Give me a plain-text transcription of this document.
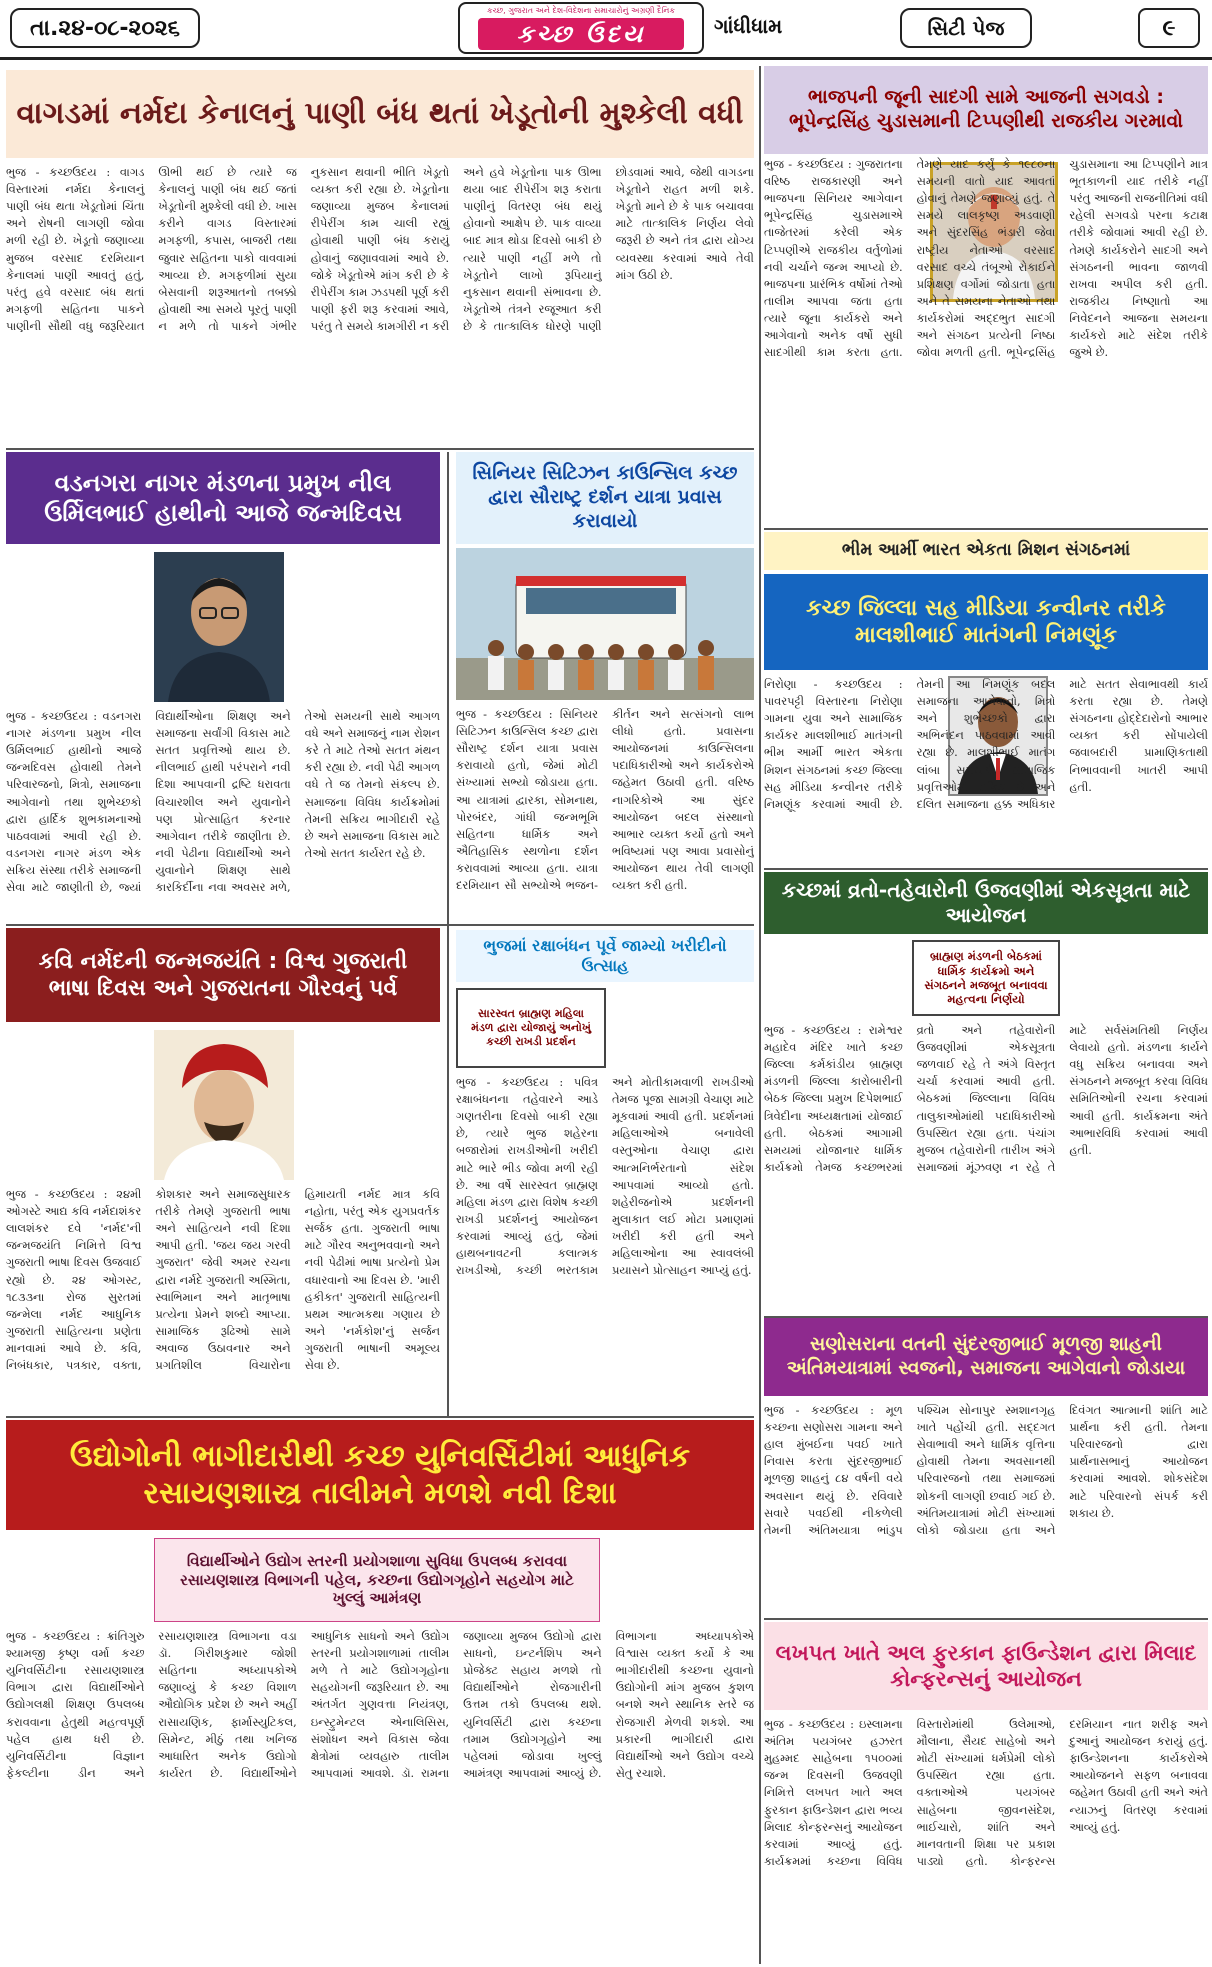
તા.૨૪-૦૮-૨૦૨૬
કચ્છ, ગુજરાત અને દેશ-વિદેશના સમાચારોનું અગ્રણી દૈનિક
કચ્છ ઉદય	ગાંધીધામ	સિટી પેજ	૯
વાગડમાં નર્મદા કેનાલનું પાણી બંધ થતાં ખેડૂતોની મુશ્કેલી વધી
ભુજ - કચ્છઉદય : વાગડ વિસ્તારમાં નર્મદા કેનાલનું પાણી બંધ થતા ખેડૂતોમાં ચિંતા અને રોષની લાગણી જોવા મળી રહી છે. ખેડૂતો જણાવ્યા મુજબ વરસાદ દરમિયાન કેનાલમાં પાણી આવતું હતું, પરંતુ હવે વરસાદ બંધ થતાં મગફળી સહિતના પાકને પાણીની સૌથી વધુ જરૂરિયાત ઊભી થઈ છે ત્યારે જ કેનાલનું પાણી બંધ થઈ જતાં ખેડૂતોની મુશ્કેલી વધી છે. ખાસ કરીને વાગડ વિસ્તારમાં મગફળી, કપાસ, બાજરી તથા જુવાર સહિતના પાકો વાવવામાં આવ્યા છે. મગફળીમાં સુયા બેસવાની શરૂઆતનો તબક્કો હોવાથી આ સમયે પૂરતું પાણી ન મળે તો પાકને ગંભીર નુકસાન થવાની ભીતિ ખેડૂતો વ્યક્ત કરી રહ્યા છે. ખેડૂતોના જણાવ્યા મુજબ કેનાલમાં રીપેરીંગ કામ ચાલી રહ્યું હોવાથી પાણી બંધ કરાયું હોવાનું જણાવવામાં આવે છે. જોકે ખેડૂતોએ માંગ કરી છે કે રીપેરીંગ કામ ઝડપથી પૂર્ણ કરી પાણી ફરી શરૂ કરવામાં આવે, પરંતુ તે સમયે કામગીરી ન કરી અને હવે ખેડૂતોના પાક ઊભા થયા બાદ રીપેરીંગ શરૂ કરાતા પાણીનું વિતરણ બંધ થયું હોવાનો આક્ષેપ છે. પાક વાવ્યા બાદ માત્ર થોડા દિવસો બાકી છે ત્યારે પાણી નહીં મળે તો ખેડૂતોને લાખો રૂપિયાનું નુકસાન થવાની સંભાવના છે. ખેડૂતોએ તંત્રને રજૂઆત કરી છે કે તાત્કાલિક ધોરણે પાણી છોડવામાં આવે, જેથી વાગડના ખેડૂતોને રાહત મળી શકે. ખેડૂતો માને છે કે પાક બચાવવા માટે તાત્કાલિક નિર્ણય લેવો જરૂરી છે અને તંત્ર દ્વારા યોગ્ય વ્યવસ્થા કરવામાં આવે તેવી માંગ ઉઠી છે.
ભાજપની જૂની સાદગી સામે આજની સગવડો : ભૂપેન્દ્રસિંહ ચુડાસમાની ટિપ્પણીથી રાજકીય ગરમાવો
ભુજ - કચ્છઉદય : ગુજરાતના વરિષ્ઠ રાજકારણી અને ભાજપના સિનિયર આગેવાન ભૂપેન્દ્રસિંહ ચુડાસમાએ તાજેતરમાં કરેલી એક ટિપ્પણીએ રાજકીય વર્તુળોમાં નવી ચર્ચાને જન્મ આપ્યો છે. ભાજપના પ્રારંભિક વર્ષોમાં તેઓ તાલીમ આપવા જતા હતા ત્યારે જૂના કાર્યકરો અને આગેવાનો અનેક વર્ષો સુધી સાદગીથી કામ કરતા હતા. તેમણે યાદ કર્યું કે ૧૯૮૦ના સમયની વાતો યાદ આવતાં હોવાનું તેમણે જણાવ્યું હતું. તે સમયે લાલકૃષ્ણ અડવાણી અને સુંદરસિંહ ભંડારી જેવા રાષ્ટ્રીય નેતાઓ વરસાદ વરસાદ વચ્ચે તંબૂઓ રોકાઈને પ્રશિક્ષણ વર્ગોમાં જોડાતા હતા અને તે સમયના નેતાઓ તથા કાર્યકરોમાં અદ્દભુત સાદગી અને સંગઠન પ્રત્યેની નિષ્ઠા જોવા મળતી હતી. ભૂપેન્દ્રસિંહ ચુડાસમાના આ ટિપ્પણીને માત્ર ભૂતકાળની યાદ તરીકે નહીં પરંતુ આજની રાજનીતિમાં વધી રહેલી સગવડો પરના કટાક્ષ તરીકે જોવામાં આવી રહી છે. તેમણે કાર્યકરોને સાદગી અને સંગઠનની ભાવના જાળવી રાખવા અપીલ કરી હતી. રાજકીય નિષ્ણાતો આ નિવેદનને આજના સમયના કાર્યકરો માટે સંદેશ તરીકે જુએ છે.
વડનગરા નાગર મંડળના પ્રમુખ નીલ ઉર્મિલભાઈ હાથીનો આજે જન્મદિવસ
ભુજ - કચ્છઉદય : વડનગરા નાગર મંડળના પ્રમુખ નીલ ઉર્મિલભાઈ હાથીનો આજે જન્મદિવસ હોવાથી તેમને પરિવારજનો, મિત્રો, સમાજના આગેવાનો તથા શુભેચ્છકો દ્વારા હાર્દિક શુભકામનાઓ પાઠવવામાં આવી રહી છે. વડનગરા નાગર મંડળ એક સક્રિય સંસ્થા તરીકે સમાજની સેવા માટે જાણીતી છે, જ્યાં વિદ્યાર્થીઓના શિક્ષણ અને સમાજના સર્વાંગી વિકાસ માટે સતત પ્રવૃત્તિઓ થાય છે. નીલભાઈ હાથી પરંપરાને નવી દિશા આપવાની દ્રષ્ટિ ધરાવતા વિચારશીલ અને યુવાનોને પણ પ્રોત્સાહિત કરનાર આગેવાન તરીકે જાણીતા છે. નવી પેઢીના વિદ્યાર્થીઓ અને યુવાનોને શિક્ષણ સાથે કારકિર્દીના નવા અવસર મળે, તેઓ સમયની સાથે આગળ વધે અને સમાજનું નામ રોશન કરે તે માટે તેઓ સતત મંથન કરી રહ્યા છે. નવી પેઢી આગળ વધે તે જ તેમનો સંકલ્પ છે. સમાજના વિવિધ કાર્યક્રમોમાં તેમની સક્રિય ભાગીદારી રહે છે અને સમાજના વિકાસ માટે તેઓ સતત કાર્યરત રહે છે.
સિનિયર સિટિઝન કાઉન્સિલ કચ્છ દ્વારા સૌરાષ્ટ્ર દર્શન યાત્રા પ્રવાસ કરાવાયો
ભુજ - કચ્છઉદય : સિનિયર સિટિઝન કાઉન્સિલ કચ્છ દ્વારા સૌરાષ્ટ્ર દર્શન યાત્રા પ્રવાસ કરાવાયો હતો, જેમાં મોટી સંખ્યામાં સભ્યો જોડાયા હતા. આ યાત્રામાં દ્વારકા, સોમનાથ, પોરબંદર, ગાંધી જન્મભૂમિ સહિતના ધાર્મિક અને ઐતિહાસિક સ્થળોના દર્શન કરાવવામાં આવ્યા હતા. યાત્રા દરમિયાન સૌ સભ્યોએ ભજન-કીર્તન અને સત્સંગનો લાભ લીધો હતો. પ્રવાસના આયોજનમાં કાઉન્સિલના પદાધિકારીઓ અને કાર્યકરોએ જહેમત ઉઠાવી હતી. વરિષ્ઠ નાગરિકોએ આ સુંદર આયોજન બદલ સંસ્થાનો આભાર વ્યક્ત કર્યો હતો અને ભવિષ્યમાં પણ આવા પ્રવાસોનું આયોજન થાય તેવી લાગણી વ્યક્ત કરી હતી.
ભીમ આર્મી ભારત એકતા મિશન સંગઠનમાં
કચ્છ જિલ્લા સહ મીડિયા કન્વીનર તરીકે માલશીભાઈ માતંગની નિમણૂંક
નિરોણા - કચ્છઉદય : પાવરપટ્ટી વિસ્તારના નિરોણા ગામના યુવા અને સામાજિક કાર્યકર માલશીભાઈ માતંગની ભીમ આર્મી ભારત એકતા મિશન સંગઠનમાં કચ્છ જિલ્લા સહ મીડિયા કન્વીનર તરીકે નિમણૂંક કરવામાં આવી છે. તેમની આ નિમણૂંક બદલ સમાજના આગેવાનો, મિત્રો અને શુભેચ્છકો દ્વારા અભિનંદન પાઠવવામાં આવી રહ્યા છે. માલશીભાઈ માતંગ લાંબા સમયથી સામાજિક પ્રવૃત્તિઓમાં સક્રિય છે અને દલિત સમાજના હક્ક અધિકાર માટે સતત સેવાભાવથી કાર્ય કરતા રહ્યા છે. તેમણે સંગઠનના હોદ્દેદારોનો આભાર વ્યક્ત કરી સોંપાયેલી જવાબદારી પ્રામાણિકતાથી નિભાવવાની ખાતરી આપી હતી.
કચ્છમાં વ્રતો-તહેવારોની ઉજવણીમાં એકસૂત્રતા માટે આયોજન
બ્રાહ્મણ મંડળની બેઠકમાં ધાર્મિક કાર્યક્રમો અને સંગઠનને મજબૂત બનાવવા મહત્વના નિર્ણયો
ભુજ - કચ્છઉદય : રામેશ્વર મહાદેવ મંદિર ખાતે કચ્છ જિલ્લા કર્મકાંડીય બ્રાહ્મણ મંડળની જિલ્લા કારોબારીની બેઠક જિલ્લા પ્રમુખ દિપેશભાઈ ત્રિવેદીના અધ્યક્ષતામાં યોજાઈ હતી. બેઠકમાં આગામી સમયમાં યોજાનાર ધાર્મિક કાર્યક્રમો તેમજ કચ્છભરમાં વ્રતો અને તહેવારોની ઉજવણીમાં એકસૂત્રતા જળવાઈ રહે તે અંગે વિસ્તૃત ચર્ચા કરવામાં આવી હતી. બેઠકમાં જિલ્લાના વિવિધ તાલુકાઓમાંથી પદાધિકારીઓ ઉપસ્થિત રહ્યા હતા. પંચાંગ મુજબ તહેવારોની તારીખ અંગે સમાજમાં મૂંઝવણ ન રહે તે માટે સર્વસંમતિથી નિર્ણય લેવાયો હતો. મંડળના કાર્યને વધુ સક્રિય બનાવવા અને સંગઠનને મજબૂત કરવા વિવિધ સમિતિઓની રચના કરવામાં આવી હતી. કાર્યક્રમના અંતે આભારવિધિ કરવામાં આવી હતી.
કવિ નર્મદની જન્મજયંતિ : વિશ્વ ગુજરાતી ભાષા દિવસ અને ગુજરાતના ગૌરવનું પર્વ
ભુજ - કચ્છઉદય : ૨૪મી ઓગસ્ટે આદ્ય કવિ નર્મદાશંકર લાલશંકર દવે 'નર્મદ'ની જન્મજયંતિ નિમિત્તે વિશ્વ ગુજરાતી ભાષા દિવસ ઉજવાઈ રહ્યો છે. ૨૪ ઓગસ્ટ, ૧૮૩૩ના રોજ સુરતમાં જન્મેલા નર્મદ આધુનિક ગુજરાતી સાહિત્યના પ્રણેતા માનવામાં આવે છે. કવિ, નિબંધકાર, પત્રકાર, વક્તા, કોશકાર અને સમાજસુધારક તરીકે તેમણે ગુજરાતી ભાષા અને સાહિત્યને નવી દિશા આપી હતી. 'જય જય ગરવી ગુજરાત' જેવી અમર રચના દ્વારા નર્મદે ગુજરાતી અસ્મિતા, સ્વાભિમાન અને માતૃભાષા પ્રત્યેના પ્રેમને શબ્દો આપ્યા. સામાજિક રૂઢિઓ સામે અવાજ ઉઠાવનાર અને પ્રગતિશીલ વિચારોના હિમાયતી નર્મદ માત્ર કવિ નહોતા, પરંતુ એક યુગપ્રવર્તક સર્જક હતા. ગુજરાતી ભાષા માટે ગૌરવ અનુભવવાનો અને નવી પેઢીમાં ભાષા પ્રત્યેનો પ્રેમ વધારવાનો આ દિવસ છે. 'મારી હકીકત' ગુજરાતી સાહિત્યની પ્રથમ આત્મકથા ગણાય છે અને 'નર્મકોશ'નું સર્જન ગુજરાતી ભાષાની અમૂલ્ય સેવા છે.
ભુજમાં રક્ષાબંધન પૂર્વે જામ્યો ખરીદીનો ઉત્સાહ
સારસ્વત બ્રાહ્મણ મહિલા મંડળ દ્વારા યોજાયું અનોખું કચ્છી રાખડી પ્રદર્શન
ભુજ - કચ્છઉદય : પવિત્ર રક્ષાબંધનના તહેવારને આડે ગણતરીના દિવસો બાકી રહ્યા છે, ત્યારે ભુજ શહેરના બજારોમાં રાખડીઓની ખરીદી માટે ભારે ભીડ જોવા મળી રહી છે. આ વર્ષે સારસ્વત બ્રાહ્મણ મહિલા મંડળ દ્વારા વિશેષ કચ્છી રાખડી પ્રદર્શનનું આયોજન કરવામાં આવ્યું હતું, જેમાં હાથબનાવટની કલાત્મક રાખડીઓ, કચ્છી ભરતકામ અને મોતીકામવાળી રાખડીઓ તેમજ પૂજા સામગ્રી વેચાણ માટે મૂકવામાં આવી હતી. પ્રદર્શનમાં મહિલાઓએ બનાવેલી વસ્તુઓના વેચાણ દ્વારા આત્મનિર્ભરતાનો સંદેશ આપવામાં આવ્યો હતો. શહેરીજનોએ પ્રદર્શનની મુલાકાત લઈ મોટા પ્રમાણમાં ખરીદી કરી હતી અને મહિલાઓના આ સ્વાવલંબી પ્રયાસને પ્રોત્સાહન આપ્યું હતું.
સણોસરાના વતની સુંદરજીભાઈ મૂળજી શાહની અંતિમયાત્રામાં સ્વજનો, સમાજના આગેવાનો જોડાયા
ભુજ - કચ્છઉદય : મૂળ કચ્છના સણોસરા ગામના અને હાલ મુંબઈના પવઈ ખાતે નિવાસ કરતા સુંદરજીભાઈ મૂળજી શાહનું ૮૪ વર્ષની વયે અવસાન થયું છે. રવિવારે સવારે પવઈથી નીકળેલી તેમની અંતિમયાત્રા ભાંડુપ પશ્ચિમ સોનાપુર સ્મશાનગૃહ ખાતે પહોંચી હતી. સદ્દગત સેવાભાવી અને ધાર્મિક વૃત્તિના હોવાથી તેમના અવસાનથી પરિવારજનો તથા સમાજમાં શોકની લાગણી છવાઈ ગઈ છે. અંતિમયાત્રામાં મોટી સંખ્યામાં લોકો જોડાયા હતા અને દિવંગત આત્માની શાંતિ માટે પ્રાર્થના કરી હતી. તેમના પરિવારજનો દ્વારા પ્રાર્થનાસભાનું આયોજન કરવામાં આવશે. શોકસંદેશ માટે પરિવારનો સંપર્ક કરી શકાય છે.
ઉદ્યોગોની ભાગીદારીથી કચ્છ યુનિવર્સિટીમાં આધુનિક રસાયણશાસ્ત્ર તાલીમને મળશે નવી દિશા
વિદ્યાર્થીઓને ઉદ્યોગ સ્તરની પ્રયોગશાળા સુવિધા ઉપલબ્ધ કરાવવા રસાયણશાસ્ત્ર વિભાગની પહેલ, કચ્છના ઉદ્યોગગૃહોને સહયોગ માટે ખુલ્લું આમંત્રણ
ભુજ - કચ્છઉદય : ક્રાંતિગુરુ શ્યામજી કૃષ્ણ વર્મા કચ્છ યુનિવર્સિટીના રસાયણશાસ્ત્ર વિભાગ દ્વારા વિદ્યાર્થીઓને ઉદ્યોગલક્ષી શિક્ષણ ઉપલબ્ધ કરાવવાના હેતુથી મહત્વપૂર્ણ પહેલ હાથ ધરી છે. યુનિવર્સિટીના વિજ્ઞાન ફેકલ્ટીના ડીન અને રસાયણશાસ્ત્ર વિભાગના વડા ડૉ. ગિરીશકુમાર જોશી સહિતના અધ્યાપકોએ જણાવ્યું કે કચ્છ વિશાળ ઔદ્યોગિક પ્રદેશ છે અને અહીં રાસાયણિક, ફાર્માસ્યુટિકલ, સિમેન્ટ, મીઠું તથા ખનિજ આધારિત અનેક ઉદ્યોગો કાર્યરત છે. વિદ્યાર્થીઓને આધુનિક સાધનો અને ઉદ્યોગ સ્તરની પ્રયોગશાળામાં તાલીમ મળે તે માટે ઉદ્યોગગૃહોના સહયોગની જરૂરિયાત છે. આ અંતર્ગત ગુણવત્તા નિયંત્રણ, ઇન્સ્ટ્રુમેન્ટલ એનાલિસિસ, સંશોધન અને વિકાસ જેવા ક્ષેત્રોમાં વ્યવહારુ તાલીમ આપવામાં આવશે. ડૉ. રામના જણાવ્યા મુજબ ઉદ્યોગો દ્વારા સાધનો, ઇન્ટર્નશિપ અને પ્રોજેક્ટ સહાય મળશે તો વિદ્યાર્થીઓને રોજગારીની ઉત્તમ તકો ઉપલબ્ધ થશે. યુનિવર્સિટી દ્વારા કચ્છના તમામ ઉદ્યોગગૃહોને આ પહેલમાં જોડાવા ખુલ્લું આમંત્રણ આપવામાં આવ્યું છે. વિભાગના અધ્યાપકોએ વિશ્વાસ વ્યક્ત કર્યો કે આ ભાગીદારીથી કચ્છના યુવાનો ઉદ્યોગોની માંગ મુજબ કુશળ બનશે અને સ્થાનિક સ્તરે જ રોજગારી મેળવી શકશે. આ પ્રકારની ભાગીદારી દ્વારા વિદ્યાર્થીઓ અને ઉદ્યોગ વચ્ચે સેતુ રચાશે.
લખપત ખાતે અલ ફુરકાન ફાઉન્ડેશન દ્વારા મિલાદ કોન્ફરન્સનું આયોજન
ભુજ - કચ્છઉદય : ઇસ્લામના અંતિમ પયગંબર હઝરત મુહમ્મદ સાહેબના ૧૫૦૦માં જન્મ દિવસની ઉજવણી નિમિત્તે લખપત ખાતે અલ ફુરકાન ફાઉન્ડેશન દ્વારા ભવ્ય મિલાદ કોન્ફરન્સનું આયોજન કરવામાં આવ્યું હતું. કાર્યક્રમમાં કચ્છના વિવિધ વિસ્તારોમાંથી ઉલેમાઓ, મૌલાના, સૈયદ સાહેબો અને મોટી સંખ્યામાં ધર્મપ્રેમી લોકો ઉપસ્થિત રહ્યા હતા. વક્તાઓએ પયગંબર સાહેબના જીવનસંદેશ, ભાઈચારો, શાંતિ અને માનવતાની શિક્ષા પર પ્રકાશ પાડ્યો હતો. કોન્ફરન્સ દરમિયાન નાત શરીફ અને દુઆનું આયોજન કરાયું હતું. ફાઉન્ડેશનના કાર્યકરોએ આયોજનને સફળ બનાવવા જહેમત ઉઠાવી હતી અને અંતે ન્યાઝનું વિતરણ કરવામાં આવ્યું હતું.
